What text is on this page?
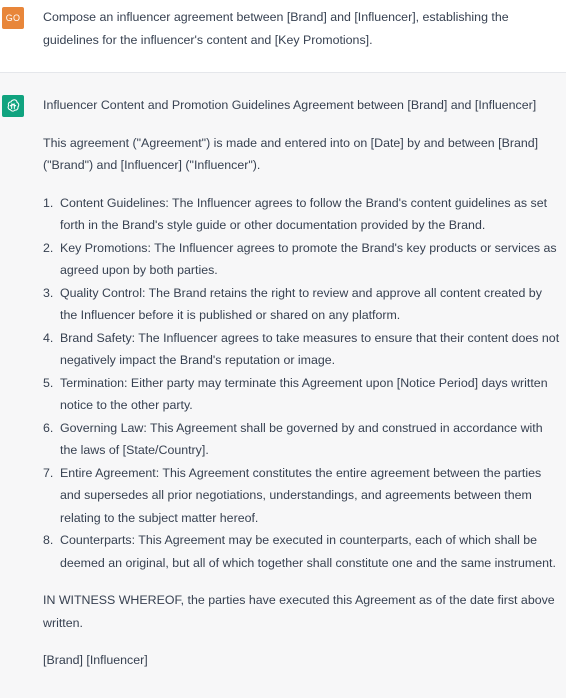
GO Compose an influencer agreement between [Brand] and [Influencer], establishing the guidelines for the influencer's content and [Key Promotions].

Influencer Content and Promotion Guidelines Agreement between [Brand] and [Influencer]

This agreement ("Agreement") is made and entered into on [Date] by and between [Brand] ("Brand") and [Influencer] ("Influencer").

1. Content Guidelines: The Influencer agrees to follow the Brand's content guidelines as set forth in the Brand's style guide or other documentation provided by the Brand.
2. Key Promotions: The Influencer agrees to promote the Brand's key products or services as agreed upon by both parties.
3. Quality Control: The Brand retains the right to review and approve all content created by the Influencer before it is published or shared on any platform.
4. Brand Safety: The Influencer agrees to take measures to ensure that their content does not negatively impact the Brand's reputation or image.
5. Termination: Either party may terminate this Agreement upon [Notice Period] days written notice to the other party.
6. Governing Law: This Agreement shall be governed by and construed in accordance with the laws of [State/Country].
7. Entire Agreement: This Agreement constitutes the entire agreement between the parties and supersedes all prior negotiations, understandings, and agreements between them relating to the subject matter hereof.
8. Counterparts: This Agreement may be executed in counterparts, each of which shall be deemed an original, but all of which together shall constitute one and the same instrument.

IN WITNESS WHEREOF, the parties have executed this Agreement as of the date first above written.

[Brand] [Influencer]
